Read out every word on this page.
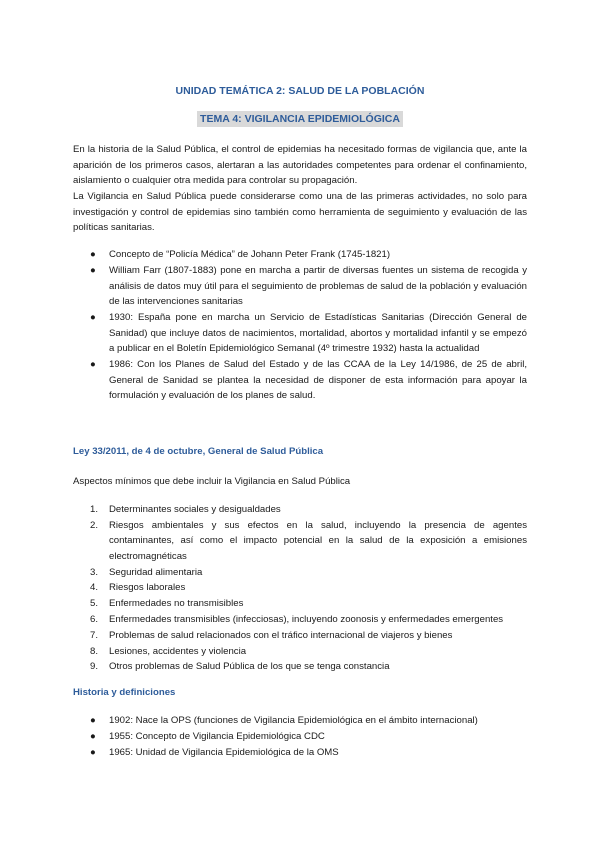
UNIDAD TEMÁTICA 2: SALUD DE LA POBLACIÓN
TEMA 4: VIGILANCIA EPIDEMIOLÓGICA

En la historia de la Salud Pública, el control de epidemias ha necesitado formas de vigilancia que, ante la aparición de los primeros casos, alertaran a las autoridades competentes para ordenar el confinamiento, aislamiento o cualquier otra medida para controlar su propagación.

La Vigilancia en Salud Pública puede considerarse como una de las primeras actividades, no solo para investigación y control de epidemias sino también como herramienta de seguimiento y evaluación de las políticas sanitarias.

● Concepto de “Policía Médica” de Johann Peter Frank (1745-1821)
● William Farr (1807-1883) pone en marcha a partir de diversas fuentes un sistema de recogida y análisis de datos muy útil para el seguimiento de problemas de salud de la población y evaluación de las intervenciones sanitarias
● 1930: España pone en marcha un Servicio de Estadísticas Sanitarias (Dirección General de Sanidad) que incluye datos de nacimientos, mortalidad, abortos y mortalidad infantil y se empezó a publicar en el Boletín Epidemiológico Semanal (4º trimestre 1932) hasta la actualidad
● 1986: Con los Planes de Salud del Estado y de las CCAA de la Ley 14/1986, de 25 de abril, General de Sanidad se plantea la necesidad de disponer de esta información para apoyar la formulación y evaluación de los planes de salud.
Ley 33/2011, de 4 de octubre, General de Salud Pública
Aspectos mínimos que debe incluir la Vigilancia en Salud Pública
1. Determinantes sociales y desigualdades
2. Riesgos ambientales y sus efectos en la salud, incluyendo la presencia de agentes contaminantes, así como el impacto potencial en la salud de la exposición a emisiones electromagnéticas
3. Seguridad alimentaria
4. Riesgos laborales
5. Enfermedades no transmisibles
6. Enfermedades transmisibles (infecciosas), incluyendo zoonosis y enfermedades emergentes
7. Problemas de salud relacionados con el tráfico internacional de viajeros y bienes
8. Lesiones, accidentes y violencia
9. Otros problemas de Salud Pública de los que se tenga constancia
Historia y definiciones
● 1902: Nace la OPS (funciones de Vigilancia Epidemiológica en el ámbito internacional)
● 1955: Concepto de Vigilancia Epidemiológica CDC
● 1965: Unidad de Vigilancia Epidemiológica de la OMS
